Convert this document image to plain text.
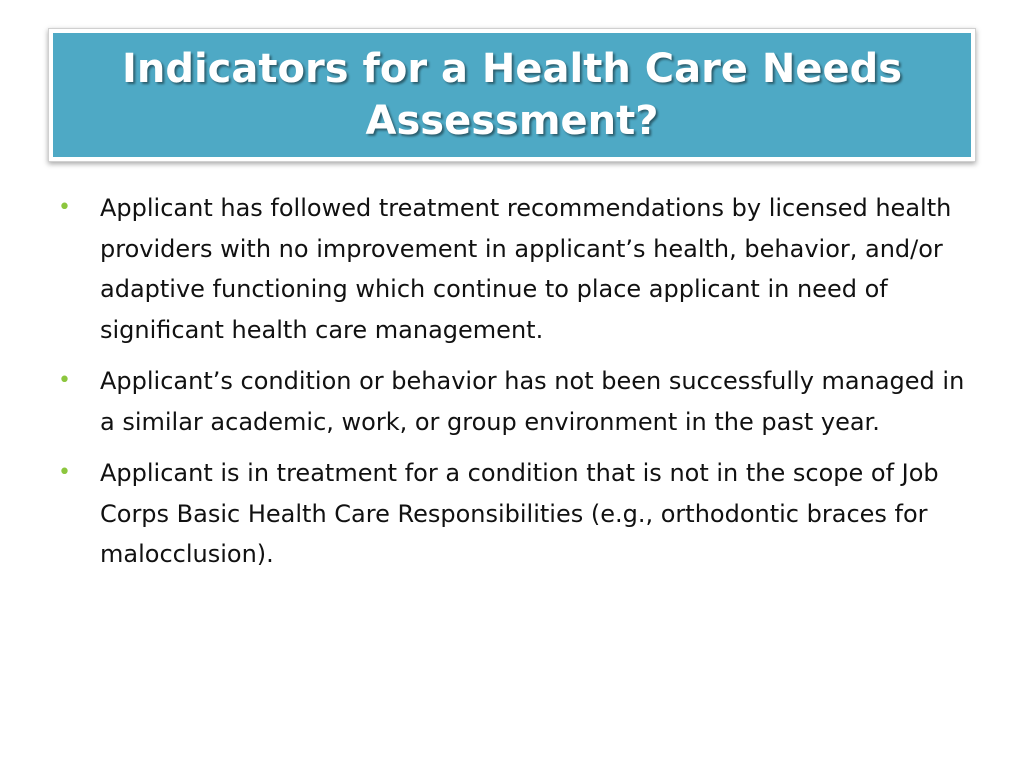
Indicators for a Health Care Needs Assessment?
• Applicant has followed treatment recommendations by licensed health providers with no improvement in applicant’s health, behavior, and/or adaptive functioning which continue to place applicant in need of significant health care management.
• Applicant’s condition or behavior has not been successfully managed in a similar academic, work, or group environment in the past year.
• Applicant is in treatment for a condition that is not in the scope of Job Corps Basic Health Care Responsibilities (e.g., orthodontic braces for malocclusion).
